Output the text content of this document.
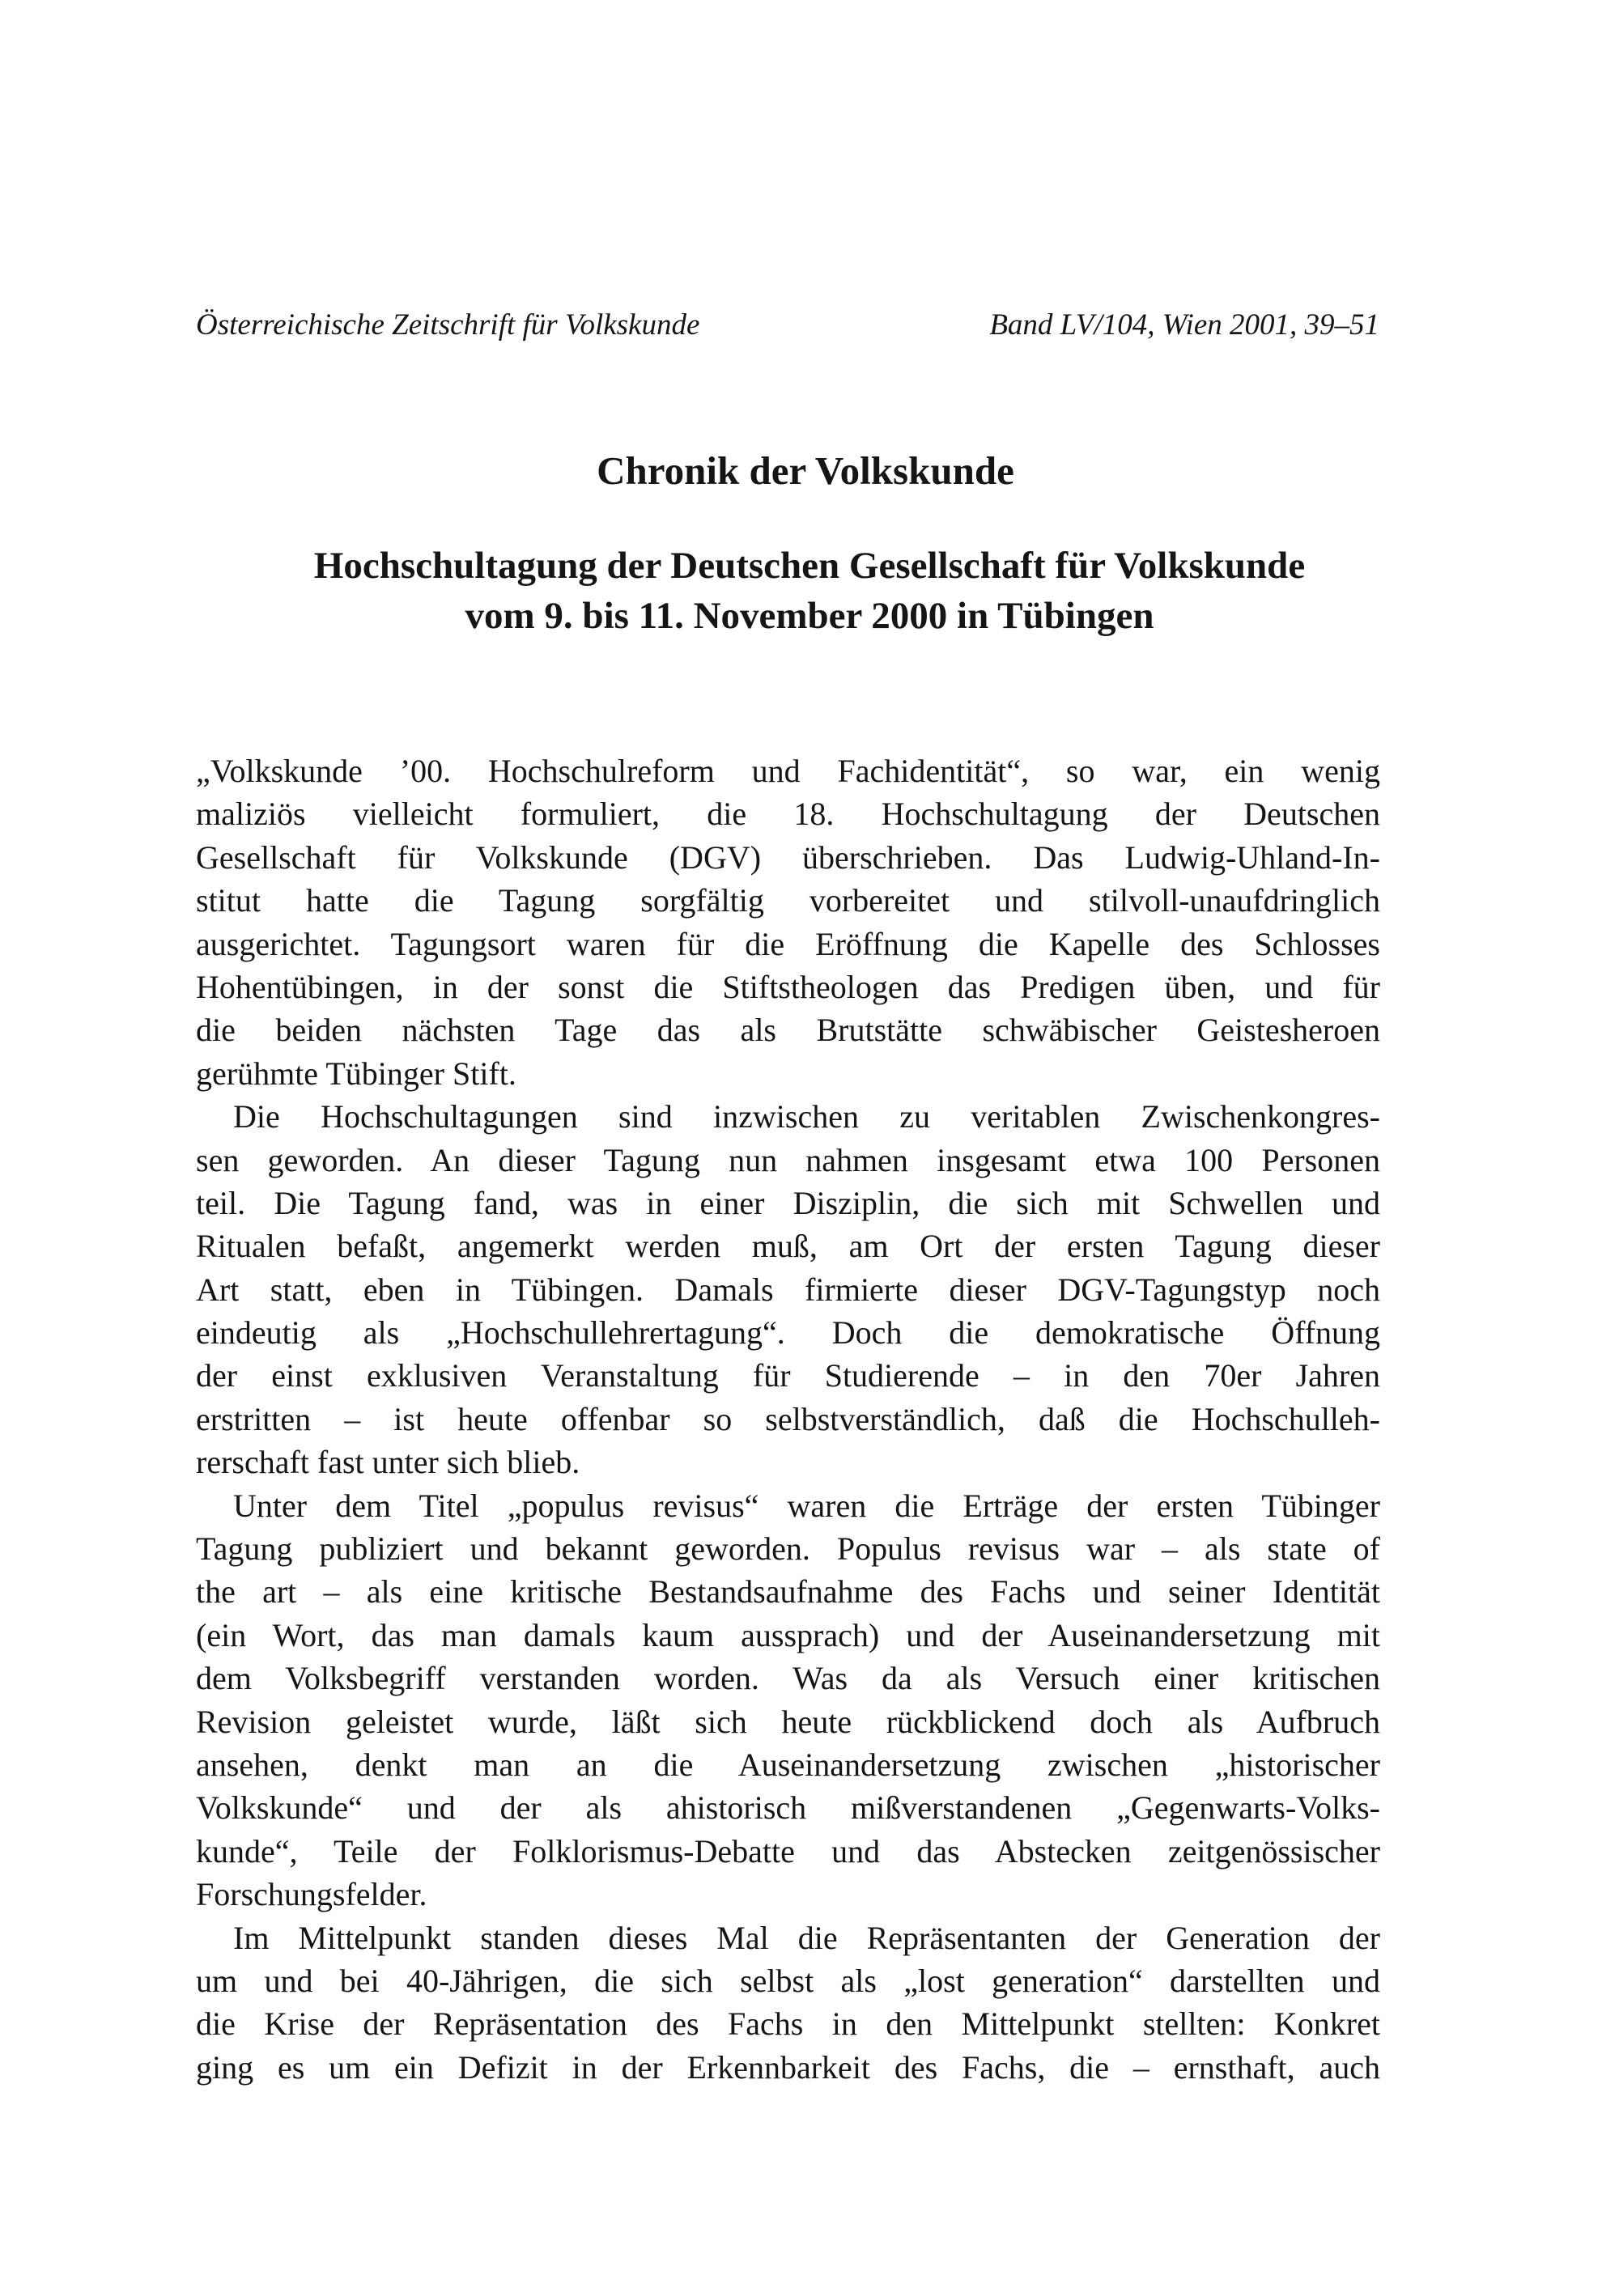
Österreichische Zeitschrift für Volkskunde	Band LV/104, Wien 2001, 39–51
Chronik der Volkskunde
Hochschultagung der Deutschen Gesellschaft für Volkskunde
vom 9. bis 11. November 2000 in Tübingen
„Volkskunde ’00. Hochschulreform und Fachidentität“, so war, ein wenig
maliziös vielleicht formuliert, die 18. Hochschultagung der Deutschen
Gesellschaft für Volkskunde (DGV) überschrieben. Das Ludwig-Uhland-In-
stitut hatte die Tagung sorgfältig vorbereitet und stilvoll-unaufdringlich
ausgerichtet. Tagungsort waren für die Eröffnung die Kapelle des Schlosses
Hohentübingen, in der sonst die Stiftstheologen das Predigen üben, und für
die beiden nächsten Tage das als Brutstätte schwäbischer Geistesheroen
gerühmte Tübinger Stift.
Die Hochschultagungen sind inzwischen zu veritablen Zwischenkongres-
sen geworden. An dieser Tagung nun nahmen insgesamt etwa 100 Personen
teil. Die Tagung fand, was in einer Disziplin, die sich mit Schwellen und
Ritualen befaßt, angemerkt werden muß, am Ort der ersten Tagung dieser
Art statt, eben in Tübingen. Damals firmierte dieser DGV-Tagungstyp noch
eindeutig als „Hochschullehrertagung“. Doch die demokratische Öffnung
der einst exklusiven Veranstaltung für Studierende – in den 70er Jahren
erstritten – ist heute offenbar so selbstverständlich, daß die Hochschulleh-
rerschaft fast unter sich blieb.
Unter dem Titel „populus revisus“ waren die Erträge der ersten Tübinger
Tagung publiziert und bekannt geworden. Populus revisus war – als state of
the art – als eine kritische Bestandsaufnahme des Fachs und seiner Identität
(ein Wort, das man damals kaum aussprach) und der Auseinandersetzung mit
dem Volksbegriff verstanden worden. Was da als Versuch einer kritischen
Revision geleistet wurde, läßt sich heute rückblickend doch als Aufbruch
ansehen, denkt man an die Auseinandersetzung zwischen „historischer
Volkskunde“ und der als ahistorisch mißverstandenen „Gegenwarts-Volks-
kunde“, Teile der Folklorismus-Debatte und das Abstecken zeitgenössischer
Forschungsfelder.
Im Mittelpunkt standen dieses Mal die Repräsentanten der Generation der
um und bei 40-Jährigen, die sich selbst als „lost generation“ darstellten und
die Krise der Repräsentation des Fachs in den Mittelpunkt stellten: Konkret
ging es um ein Defizit in der Erkennbarkeit des Fachs, die – ernsthaft, auch
